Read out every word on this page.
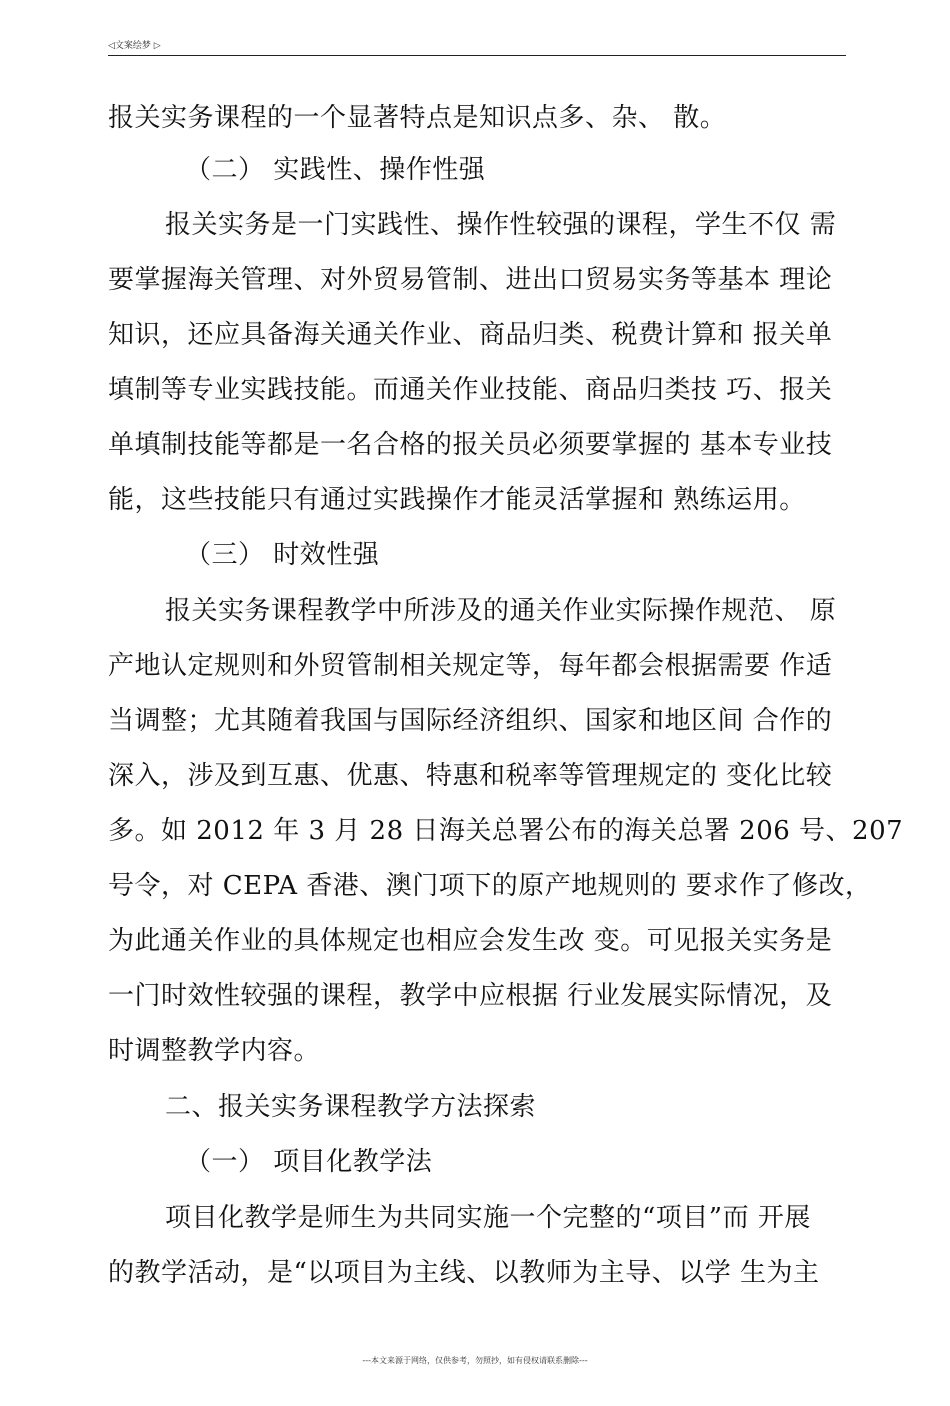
◁文案绘梦 ▷
报关实务课程的一个显著特点是知识点多、杂、 散。
（二） 实践性、操作性强
报关实务是一门实践性、操作性较强的课程，学生不仅 需
要掌握海关管理、对外贸易管制、进出口贸易实务等基本 理论
知识，还应具备海关通关作业、商品归类、税费计算和 报关单
填制等专业实践技能。而通关作业技能、商品归类技 巧、报关
单填制技能等都是一名合格的报关员必须要掌握的 基本专业技
能，这些技能只有通过实践操作才能灵活掌握和 熟练运用。
（三） 时效性强
报关实务课程教学中所涉及的通关作业实际操作规范、 原
产地认定规则和外贸管制相关规定等，每年都会根据需要 作适
当调整；尤其随着我国与国际经济组织、国家和地区间 合作的
深入，涉及到互惠、优惠、特惠和税率等管理规定的 变化比较
多。如 2012 年 3 月 28 日海关总署公布的海关总署 206 号、207
号令，对 CEPA 香港、澳门项下的原产地规则的 要求作了修改，
为此通关作业的具体规定也相应会发生改 变。可见报关实务是
一门时效性较强的课程，教学中应根据 行业发展实际情况，及
时调整教学内容。
二、报关实务课程教学方法探索
（一） 项目化教学法
项目化教学是师生为共同实施一个完整的“项目”而 开展
的教学活动，是“以项目为主线、以教师为主导、以学 生为主
---本文来源于网络，仅供参考，勿照抄，如有侵权请联系删除---
